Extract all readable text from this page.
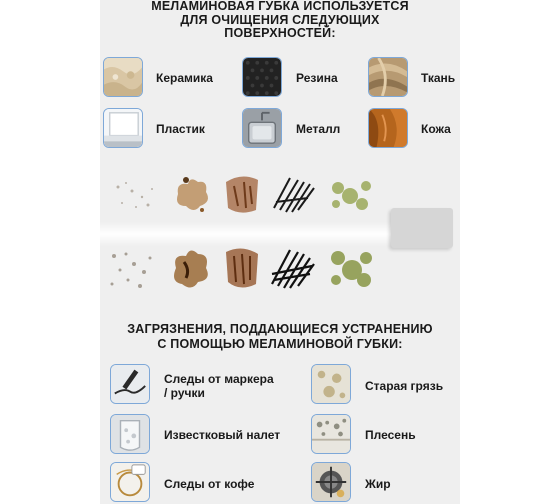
МЕЛАМИНОВАЯ ГУБКА ИСПОЛЬЗУЕТСЯ
ДЛЯ ОЧИЩЕНИЯ СЛЕДУЮЩИХ
ПОВЕРХНОСТЕЙ:
Керамика	Резина	Ткань
Пластик	Металл	Кожа
ЗАГРЯЗНЕНИЯ, ПОДДАЮЩИЕСЯ УСТРАНЕНИЮ
С ПОМОЩЬЮ МЕЛАМИНОВОЙ ГУБКИ:
Следы от маркера
/ ручки	Старая грязь
Известковый налет	Плесень
Следы от кофе	Жир
